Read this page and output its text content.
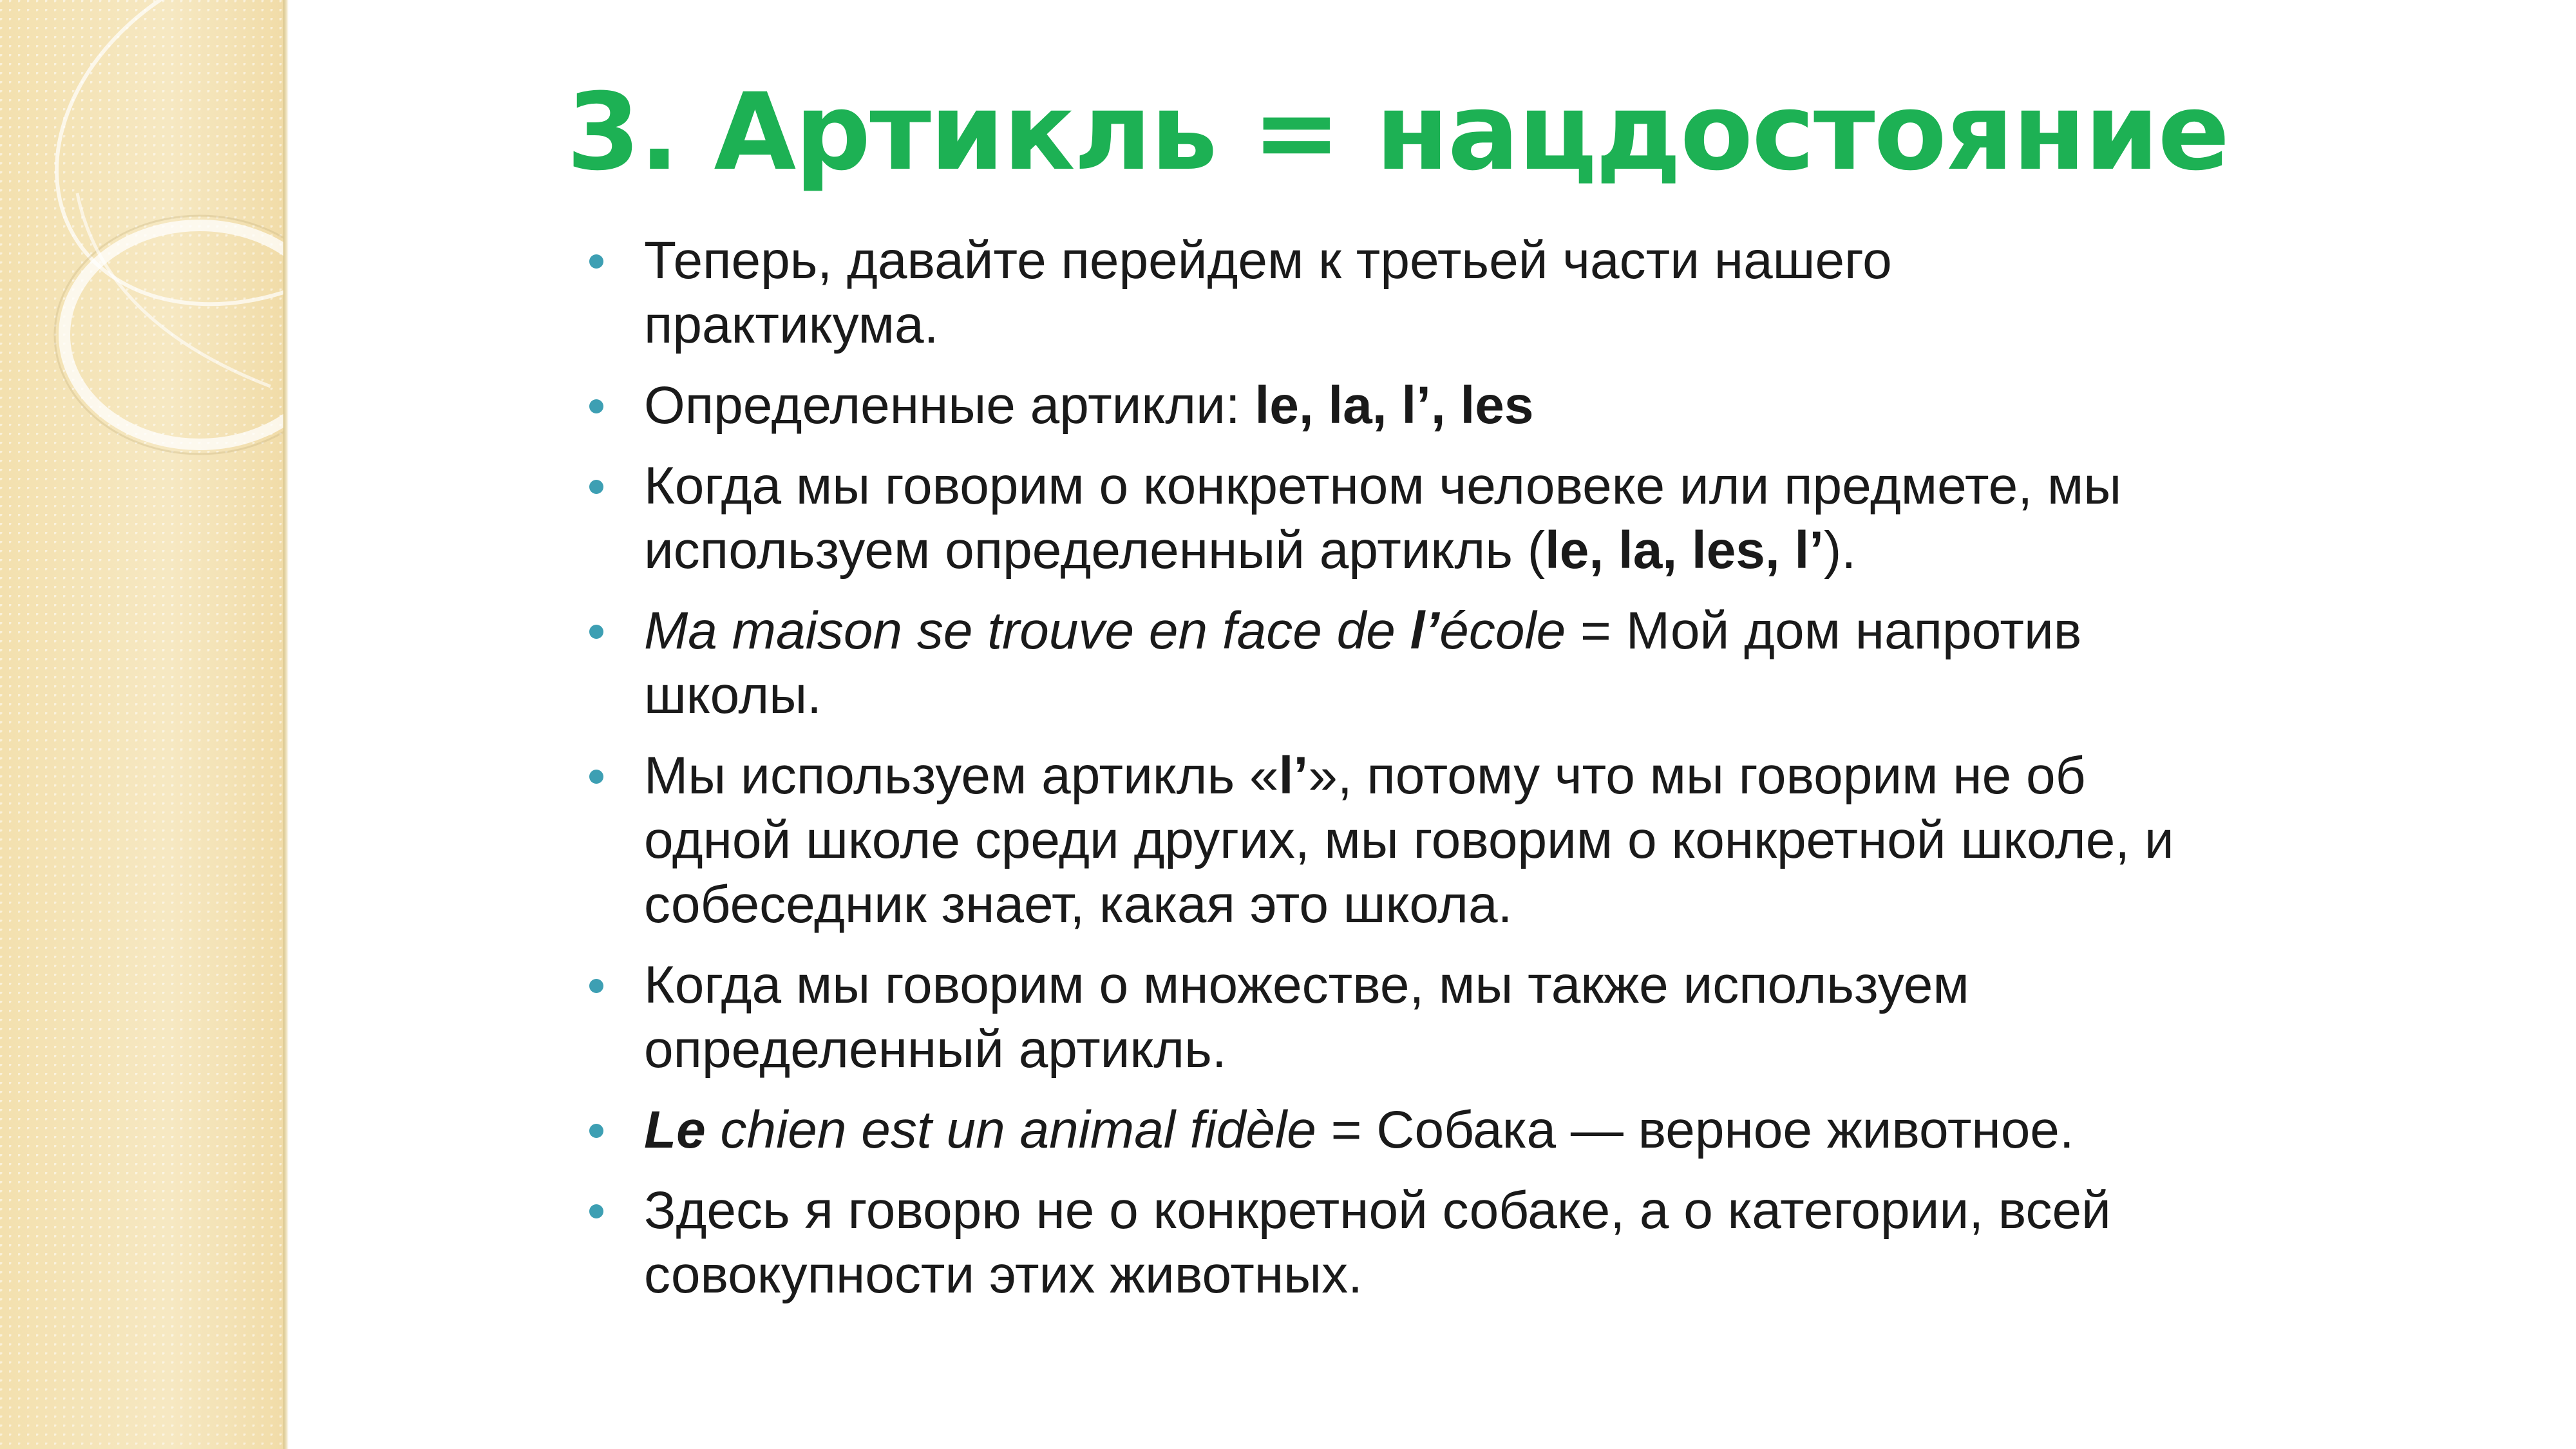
3. Артикль = нацдостояние
Теперь, давайте перейдем к третьей части нашего практикума.
Определенные артикли: le, la, l’, les
Когда мы говорим о конкретном человеке или предмете, мы используем определенный артикль (le, la, les, l’).
Ma maison se trouve en face de l’école = Мой дом напротив школы.
Мы используем артикль «l’», потому что мы говорим не об одной школе среди других, мы говорим о конкретной школе, и собеседник знает, какая это школа.
Когда мы говорим о множестве, мы также используем определенный артикль.
Le chien est un animal fidèle = Собака — верное животное.
Здесь я говорю не о конкретной собаке, а о категории, всей совокупности этих животных.
